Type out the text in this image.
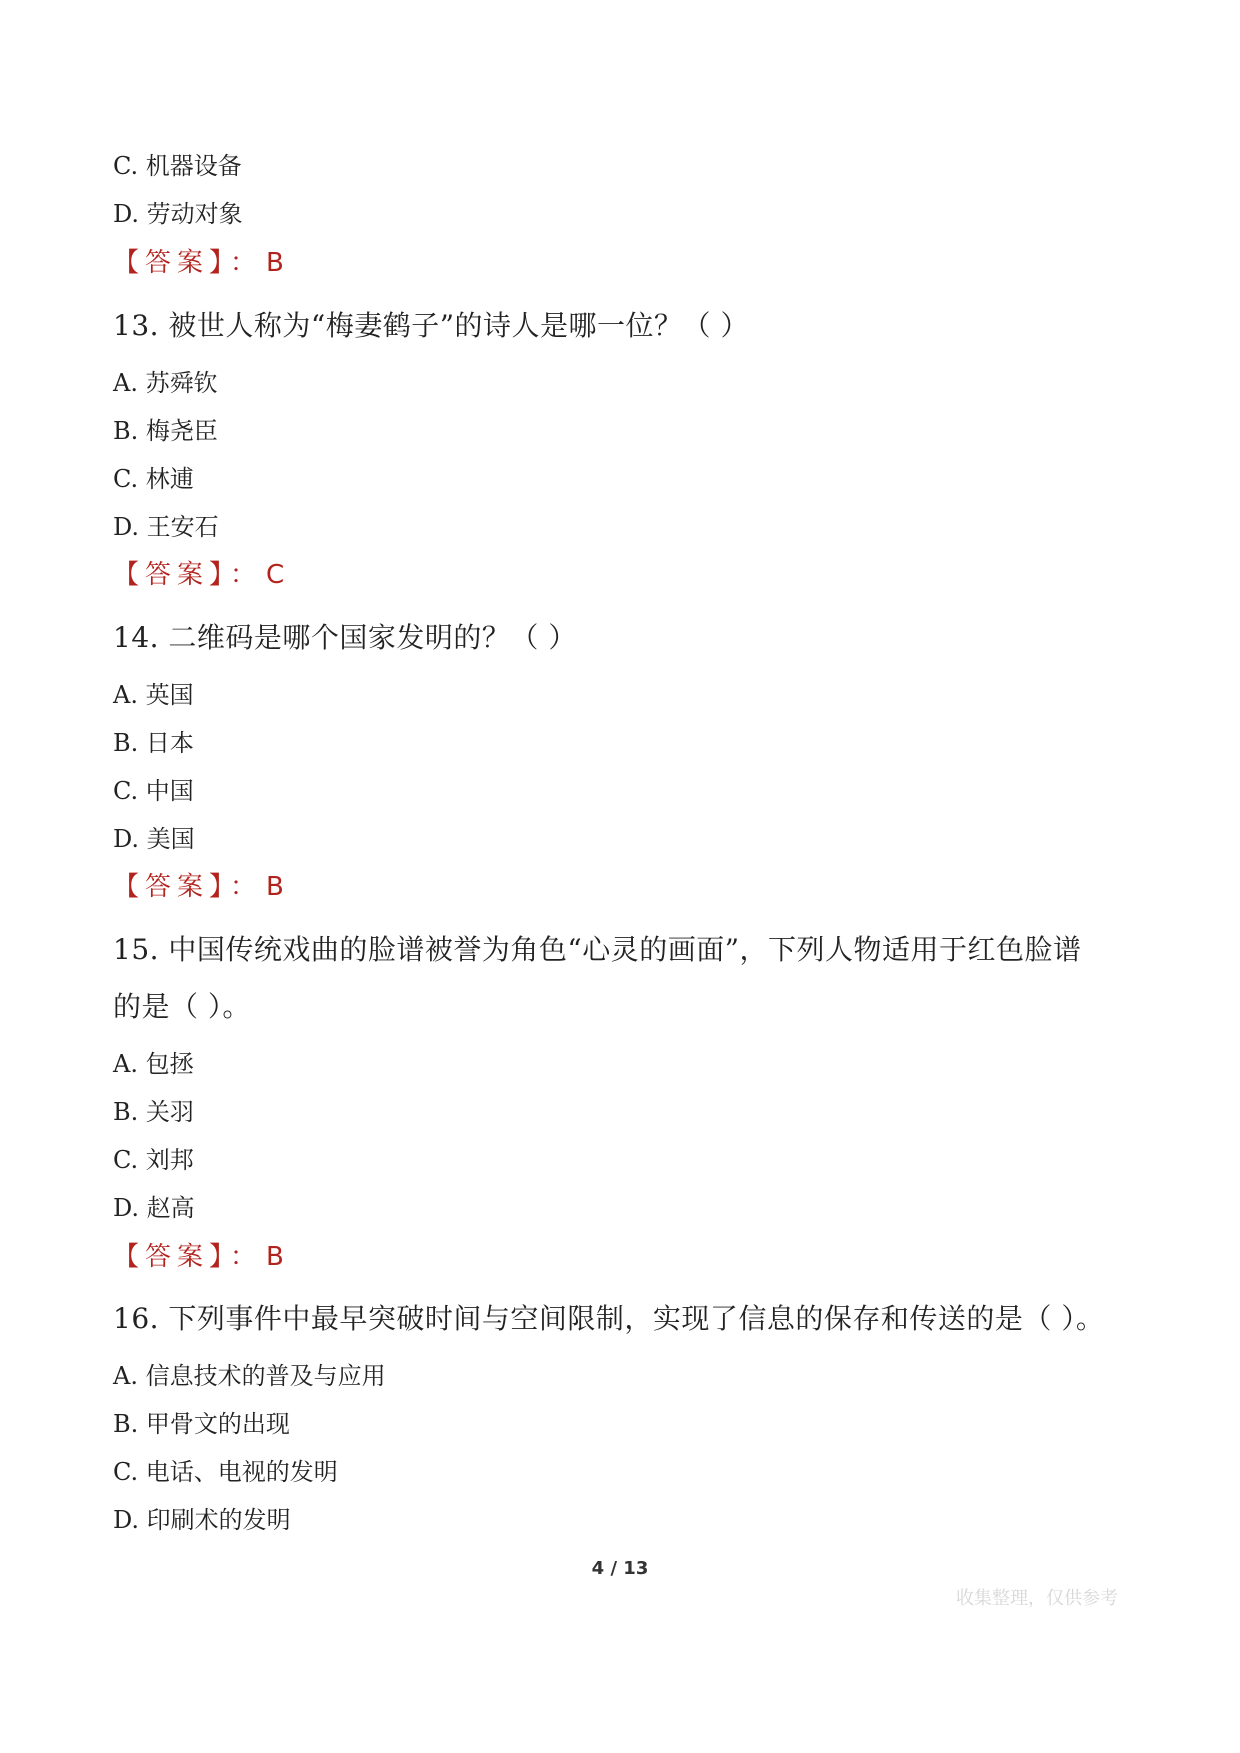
C. 机器设备
D. 劳动对象
【答案】： B
13. 被世人称为“梅妻鹤子”的诗人是哪一位？（ ）
A. 苏舜钦
B. 梅尧臣
C. 林逋
D. 王安石
【答案】： C
14. 二维码是哪个国家发明的？（ ）
A. 英国
B. 日本
C. 中国
D. 美国
【答案】： B
15. 中国传统戏曲的脸谱被誉为角色“心灵的画面”，下列人物适用于红色脸谱
的是（ ）。
A. 包拯
B. 关羽
C. 刘邦
D. 赵高
【答案】： B
16. 下列事件中最早突破时间与空间限制，实现了信息的保存和传送的是（ ）。
A. 信息技术的普及与应用
B. 甲骨文的出现
C. 电话、电视的发明
D. 印刷术的发明
4 / 13
收集整理，仅供参考
